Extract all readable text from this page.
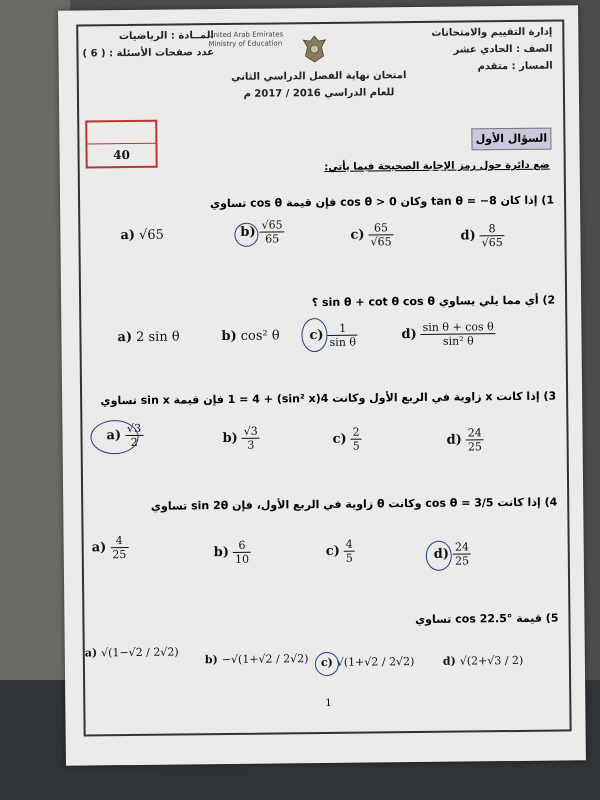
إدارة التقييم والامتحانات
الصف : الحادي عشر
المسار : متقدم
المــادة : الرياضيات
عدد صفحات الأسئلة : ( 6 )
United Arab Emirates
Ministry of Education
امتحان نهاية الفصل الدراسي الثاني
للعام الدراسي 2016 / 2017 م
40
السؤال الأول
ضع دائرة حول رمز الإجابة الصحيحة فيما يأتي:
1) إذا كان tan θ = −8 وكان cos θ > 0 فإن قيمة cos θ تساوي
a) √65	$b) \frac{√65}{65}$	$c) \frac{65}{√65}$	$d) \frac{8}{√65}$
2) أي مما يلي يساوي sin θ + cot θ cos θ ؟
a) 2 sin θ	b) cos² θ $c) \frac{1}{\text{sin θ}}$	$d) \frac{\text{sin θ + cos θ}}{\text{sin² θ}}$
3) إذا كانت x زاوية في الربع الأول وكانت 4(sin² x) + 1 = 4 فإن قيمة sin x تساوي
$a) \frac{√3}{2}$	$b) \frac{√3}{3}$	$c) \frac{2}{5}$	$d) \frac{24}{25}$
4) إذا كانت cos θ = 3/5 وكانت θ زاوية في الربع الأول، فإن sin 2θ تساوي
$a) \frac{4}{25}$	$b) \frac{6}{10}$	$c) \frac{4}{5}$	$d) \frac{24}{25}$
5) قيمة cos 22.5° تساوي
a) √(1−√2 / 2√2)
b) −√(1+√2 / 2√2) c) √(1+√2 / 2√2)	d) √(2+√3 / 2)
1
